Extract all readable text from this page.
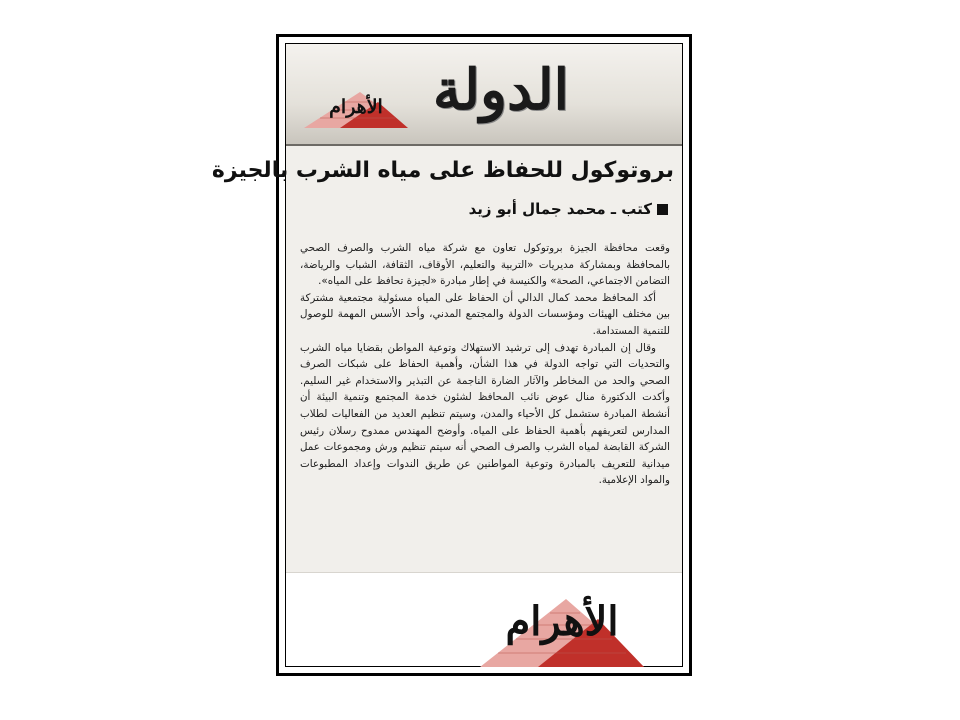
الأهرام الدولة
بروتوكول للحفاظ على مياه الشرب بالجيزة
كتب ـ محمد جمال أبو زيد

وقعت محافظة الجيزة بروتوكول تعاون مع شركة مياه الشرب والصرف الصحي بالمحافظة وبمشاركة مديريات «التربية والتعليم، الأوقاف، الثقافة، الشباب والرياضة، التضامن الاجتماعي، الصحة» والكنيسة في إطار مبادرة «لجيزة تحافظ على المياه».

أكد المحافظ محمد كمال الدالي أن الحفاظ على المياه مسئولية مجتمعية مشتركة بين مختلف الهيئات ومؤسسات الدولة والمجتمع المدني، وأحد الأسس المهمة للوصول للتنمية المستدامة.

وقال إن المبادرة تهدف إلى ترشيد الاستهلاك وتوعية المواطن بقضايا مياه الشرب والتحديات التي تواجه الدولة في هذا الشأن، وأهمية الحفاظ على شبكات الصرف الصحي والحد من المخاطر والآثار الضارة الناجمة عن التبذير والاستخدام غير السليم. وأكدت الدكتورة منال عوض نائب المحافظ لشئون خدمة المجتمع وتنمية البيئة أن أنشطة المبادرة ستشمل كل الأحياء والمدن، وسيتم تنظيم العديد من الفعاليات لطلاب المدارس لتعريفهم بأهمية الحفاظ على المياه. وأوضح المهندس ممدوح رسلان رئيس الشركة القابضة لمياه الشرب والصرف الصحي أنه سيتم تنظيم ورش ومجموعات عمل ميدانية للتعريف بالمبادرة وتوعية المواطنين عن طريق الندوات وإعداد المطبوعات والمواد الإعلامية.

الأهرام
